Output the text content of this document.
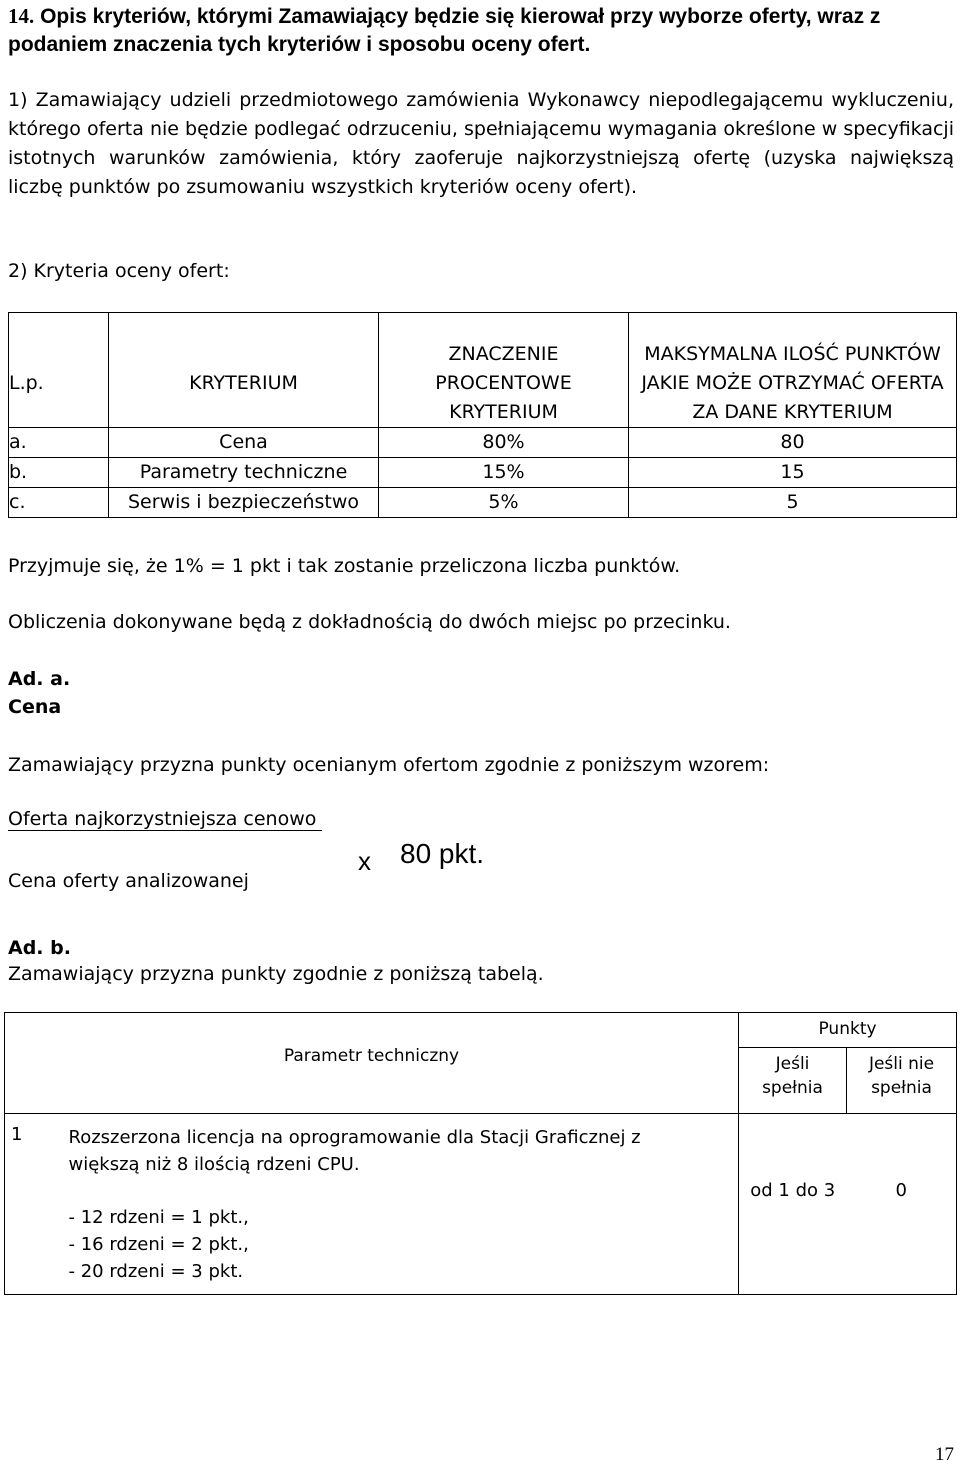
14. Opis kryteriów, którymi Zamawiający będzie się kierował przy wyborze oferty, wraz z podaniem znaczenia tych kryteriów i sposobu oceny ofert.
1) Zamawiający udzieli przedmiotowego zamówienia Wykonawcy niepodlegającemu wykluczeniu, którego oferta nie będzie podlegać odrzuceniu, spełniającemu wymagania określone w specyfikacji istotnych warunków zamówienia, który zaoferuje najkorzystniejszą ofertę (uzyska największą liczbę punktów po zsumowaniu wszystkich kryteriów oceny ofert).
2) Kryteria oceny ofert:
L.p.	KRYTERIUM	ZNACZENIE PROCENTOWE KRYTERIUM	MAKSYMALNA ILOŚĆ PUNKTÓW JAKIE MOŻE OTRZYMAĆ OFERTA ZA DANE KRYTERIUM

a.	Cena	80%	80
b.	Parametry techniczne	15%	15
c.	Serwis i bezpieczeństwo	5%	5
Przyjmuje się, że 1% = 1 pkt i tak zostanie przeliczona liczba punktów.
Obliczenia dokonywane będą z dokładnością do dwóch miejsc po przecinku.
Ad. a.
Cena
Zamawiający przyzna punkty ocenianym ofertom zgodnie z poniższym wzorem:
Oferta najkorzystniejsza cenowo
Cena oferty analizowanej
x 80 pkt.
Ad. b.
Zamawiający przyzna punkty zgodnie z poniższą tabelą.
Parametr techniczny		Punkty	
		Jeśli spełnia	Jeśli nie spełnia
1	Rozszerzona licencja na oprogramowanie dla Stacji Graficznej z większą niż 8 ilością rdzeni CPU.
- 12 rdzeni = 1 pkt.,
- 16 rdzeni = 2 pkt.,
- 20 rdzeni = 3 pkt.	od 1 do 3	0
17
